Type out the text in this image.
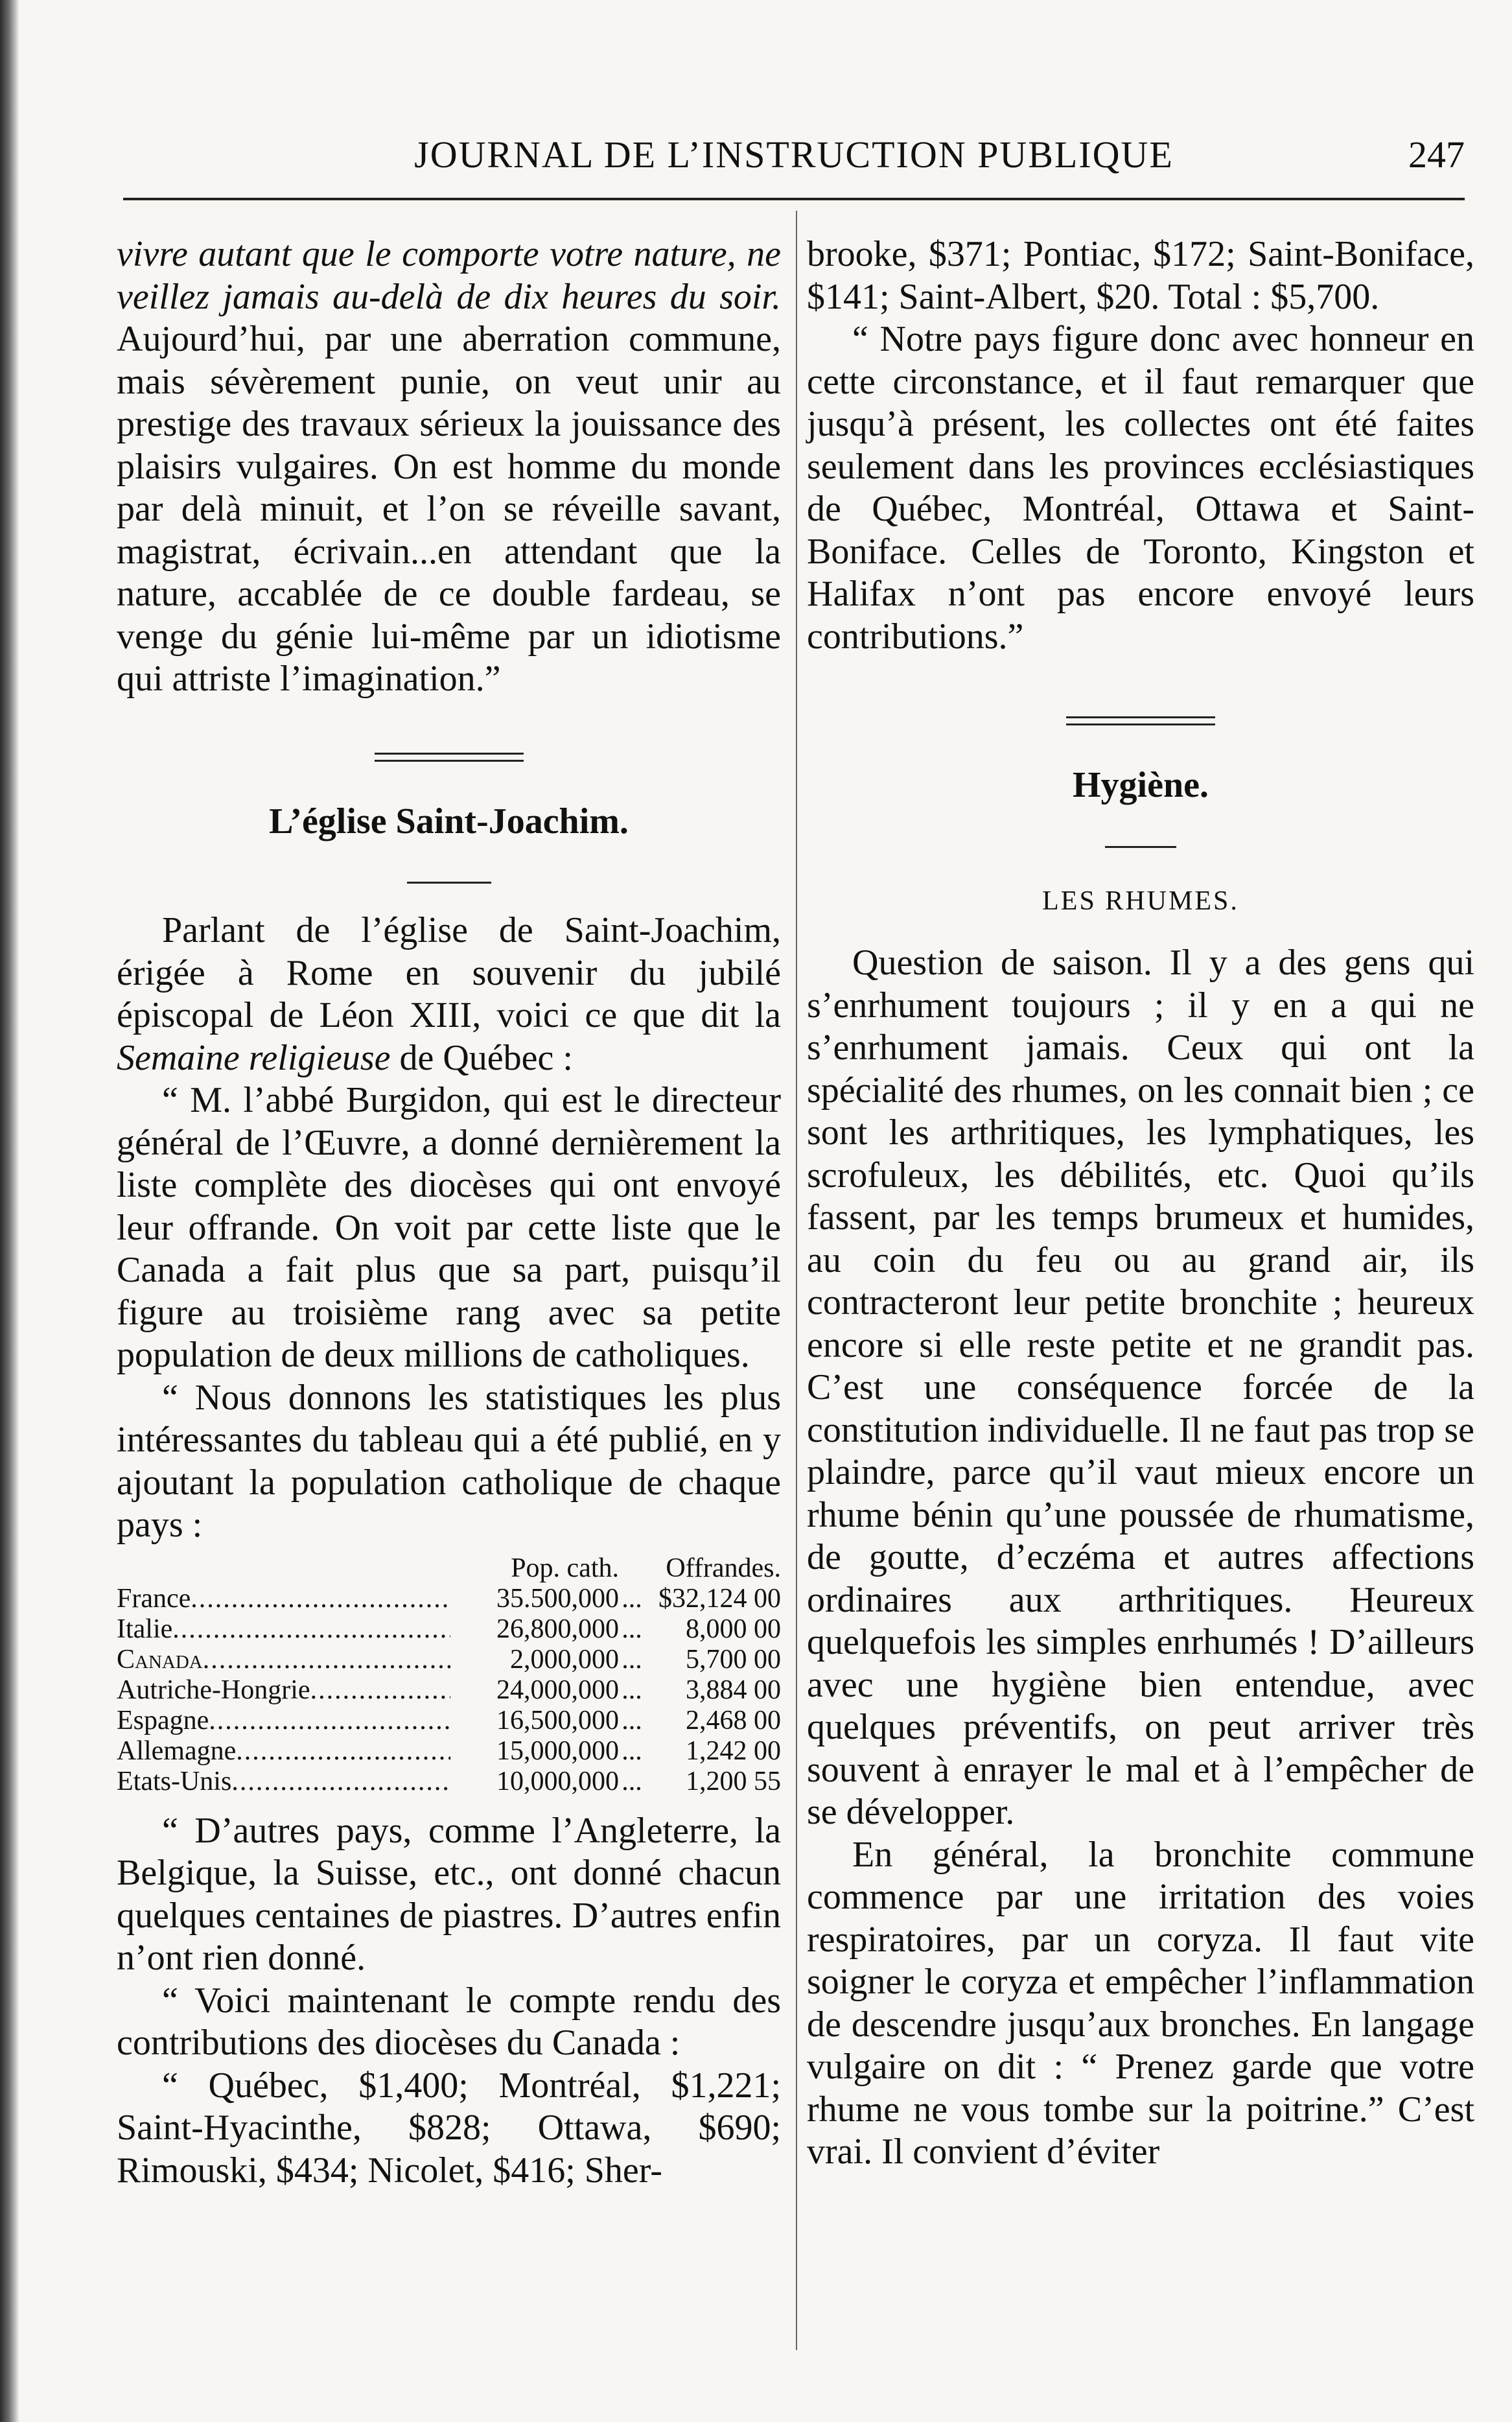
JOURNAL DE L’INSTRUCTION PUBLIQUE	247

vivre autant que le comporte votre nature, ne veillez jamais au-delà de dix heures du soir. Aujourd’hui, par une aberration commune, mais sévèrement punie, on veut unir au prestige des travaux sérieux la jouissance des plaisirs vulgaires. On est homme du monde par delà minuit, et l’on se réveille savant, magistrat, écrivain...en attendant que la nature, accablée de ce double fardeau, se venge du génie lui-même par un idiotisme qui attriste l’imagination.”

L’église Saint-Joachim.

Parlant de l’église de Saint-Joachim, érigée à Rome en souvenir du jubilé épiscopal de Léon XIII, voici ce que dit la Semaine religieuse de Québec :

“ M. l’abbé Burgidon, qui est le directeur général de l’Œuvre, a donné dernièrement la liste complète des diocèses qui ont envoyé leur offrande. On voit par cette liste que le Canada a fait plus que sa part, puisqu’il figure au troisième rang avec sa petite population de deux millions de catholiques.

“ Nous donnons les statistiques les plus intéressantes du tableau qui a été publié, en y ajoutant la population catholique de chaque pays :

Pop. cath.	Offrandes.
France .....	35.500,000 ... $32,124 00
Italie .....	26,800,000 ...	8,000 00
Canada .....	2,000,000 ...	5,700 00
Autriche-Hongrie .....	24,000,000 ...	3,884 00
Espagne .....	16,500,000 ...	2,468 00
Allemagne .....	15,000,000 ...	1,242 00
Etats-Unis .....	10,000,000 ...	1,200 55

“ D’autres pays, comme l’Angleterre, la Belgique, la Suisse, etc., ont donné chacun quelques centaines de piastres. D’autres enfin n’ont rien donné.

“ Voici maintenant le compte rendu des contributions des diocèses du Canada :

“ Québec, $1,400; Montréal, $1,221; Saint-Hyacinthe, $828; Ottawa, $690; Rimouski, $434; Nicolet, $416; Sher-

brooke, $371; Pontiac, $172; Saint-Boniface, $141; Saint-Albert, $20. Total : $5,700.

“ Notre pays figure donc avec honneur en cette circonstance, et il faut remarquer que jusqu’à présent, les collectes ont été faites seulement dans les provinces ecclésiastiques de Québec, Montréal, Ottawa et Saint-Boniface. Celles de Toronto, Kingston et Halifax n’ont pas encore envoyé leurs contributions.”

Hygiène.
LES RHUMES.

Question de saison. Il y a des gens qui s’enrhument toujours ; il y en a qui ne s’enrhument jamais. Ceux qui ont la spécialité des rhumes, on les connait bien ; ce sont les arthritiques, les lymphatiques, les scrofuleux, les débilités, etc. Quoi qu’ils fassent, par les temps brumeux et humides, au coin du feu ou au grand air, ils contracteront leur petite bronchite ; heureux encore si elle reste petite et ne grandit pas. C’est une conséquence forcée de la constitution individuelle. Il ne faut pas trop se plaindre, parce qu’il vaut mieux encore un rhume bénin qu’une poussée de rhumatisme, de goutte, d’eczéma et autres affections ordinaires aux arthritiques. Heureux quelquefois les simples enrhumés ! D’ailleurs avec une hygiène bien entendue, avec quelques préventifs, on peut arriver très souvent à enrayer le mal et à l’empêcher de se développer.

En général, la bronchite commune commence par une irritation des voies respiratoires, par un coryza. Il faut vite soigner le coryza et empêcher l’inflammation de descendre jusqu’aux bronches. En langage vulgaire on dit : “ Prenez garde que votre rhume ne vous tombe sur la poitrine.” C’est vrai. Il convient d’éviter
